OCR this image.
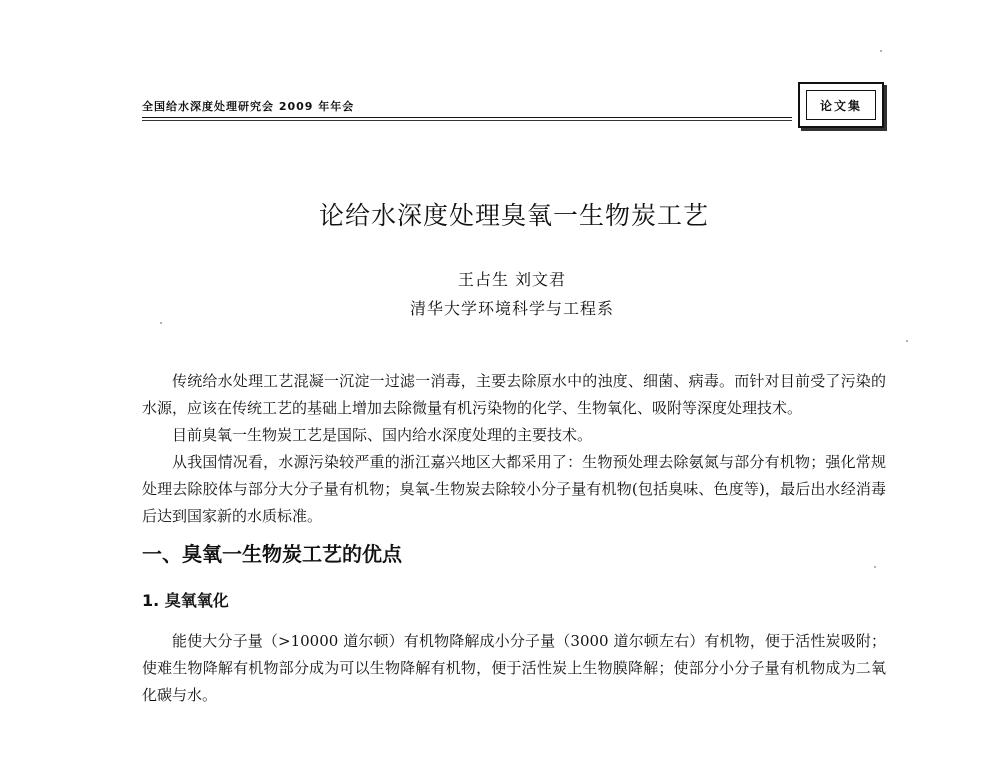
全国给水深度处理研究会 2009 年年会	论文集
论给水深度处理臭氧一生物炭工艺
王占生 刘文君
清华大学环境科学与工程系

传统给水处理工艺混凝一沉淀一过滤一消毒，主要去除原水中的浊度、细菌、病毒。而针对目前受了污染的水源，应该在传统工艺的基础上增加去除微量有机污染物的化学、生物氧化、吸附等深度处理技术。

目前臭氧一生物炭工艺是国际、国内给水深度处理的主要技术。

从我国情况看，水源污染较严重的浙江嘉兴地区大都采用了：生物预处理去除氨氮与部分有机物；强化常规处理去除胶体与部分大分子量有机物；臭氧-生物炭去除较小分子量有机物(包括臭味、色度等)，最后出水经消毒后达到国家新的水质标准。

一、臭氧一生物炭工艺的优点
1. 臭氧氧化

能使大分子量（>10000 道尔顿）有机物降解成小分子量（3000 道尔顿左右）有机物，便于活性炭吸附；使难生物降解有机物部分成为可以生物降解有机物，便于活性炭上生物膜降解；使部分小分子量有机物成为二氧化碳与水。
